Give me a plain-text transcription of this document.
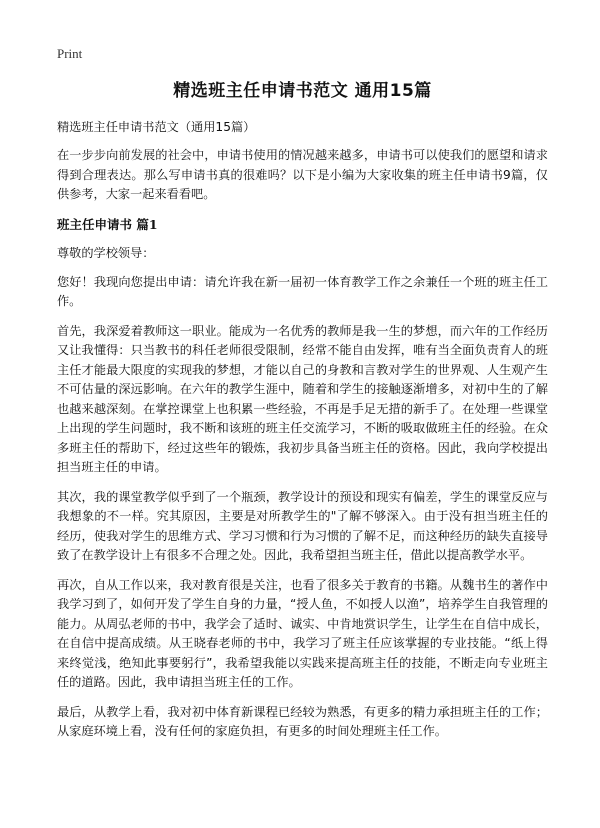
Print
精选班主任申请书范文 通用15篇
精选班主任申请书范文（通用15篇）

在一步步向前发展的社会中，申请书使用的情况越来越多，申请书可以使我们的愿望和请求得到合理表达。那么写申请书真的很难吗？以下是小编为大家收集的班主任申请书9篇，仅供参考，大家一起来看看吧。

班主任申请书 篇1
尊敬的学校领导：

您好！我现向您提出申请：请允许我在新一届初一体育教学工作之余兼任一个班的班主任工作。

首先，我深爱着教师这一职业。能成为一名优秀的教师是我一生的梦想，而六年的工作经历又让我懂得：只当教书的科任老师很受限制，经常不能自由发挥，唯有当全面负责育人的班主任才能最大限度的实现我的梦想，才能以自己的身教和言教对学生的世界观、人生观产生不可估量的深远影响。在六年的教学生涯中，随着和学生的接触逐渐增多，对初中生的了解也越来越深刻。在掌控课堂上也积累一些经验，不再是手足无措的新手了。在处理一些课堂上出现的学生问题时，我不断和该班的班主任交流学习，不断的吸取做班主任的经验。在众多班主任的帮助下，经过这些年的锻炼，我初步具备当班主任的资格。因此，我向学校提出担当班主任的申请。

其次，我的课堂教学似乎到了一个瓶颈，教学设计的预设和现实有偏差，学生的课堂反应与我想象的不一样。究其原因，主要是对所教学生的"了解不够深入。由于没有担当班主任的经历，使我对学生的思维方式、学习习惯和行为习惯的了解不足，而这种经历的缺失直接导致了在教学设计上有很多不合理之处。因此，我希望担当班主任，借此以提高教学水平。

再次，自从工作以来，我对教育很是关注，也看了很多关于教育的书籍。从魏书生的著作中我学习到了，如何开发了学生自身的力量，“授人鱼，不如授人以渔”，培养学生自我管理的能力。从周弘老师的书中，我学会了适时、诚实、中肯地赏识学生，让学生在自信中成长，在自信中提高成绩。从王晓春老师的书中，我学习了班主任应该掌握的专业技能。“纸上得来终觉浅，绝知此事要躬行”，我希望我能以实践来提高班主任的技能，不断走向专业班主任的道路。因此，我申请担当班主任的工作。

最后，从教学上看，我对初中体育新课程已经较为熟悉，有更多的精力承担班主任的工作；从家庭环境上看，没有任何的家庭负担，有更多的时间处理班主任工作。
